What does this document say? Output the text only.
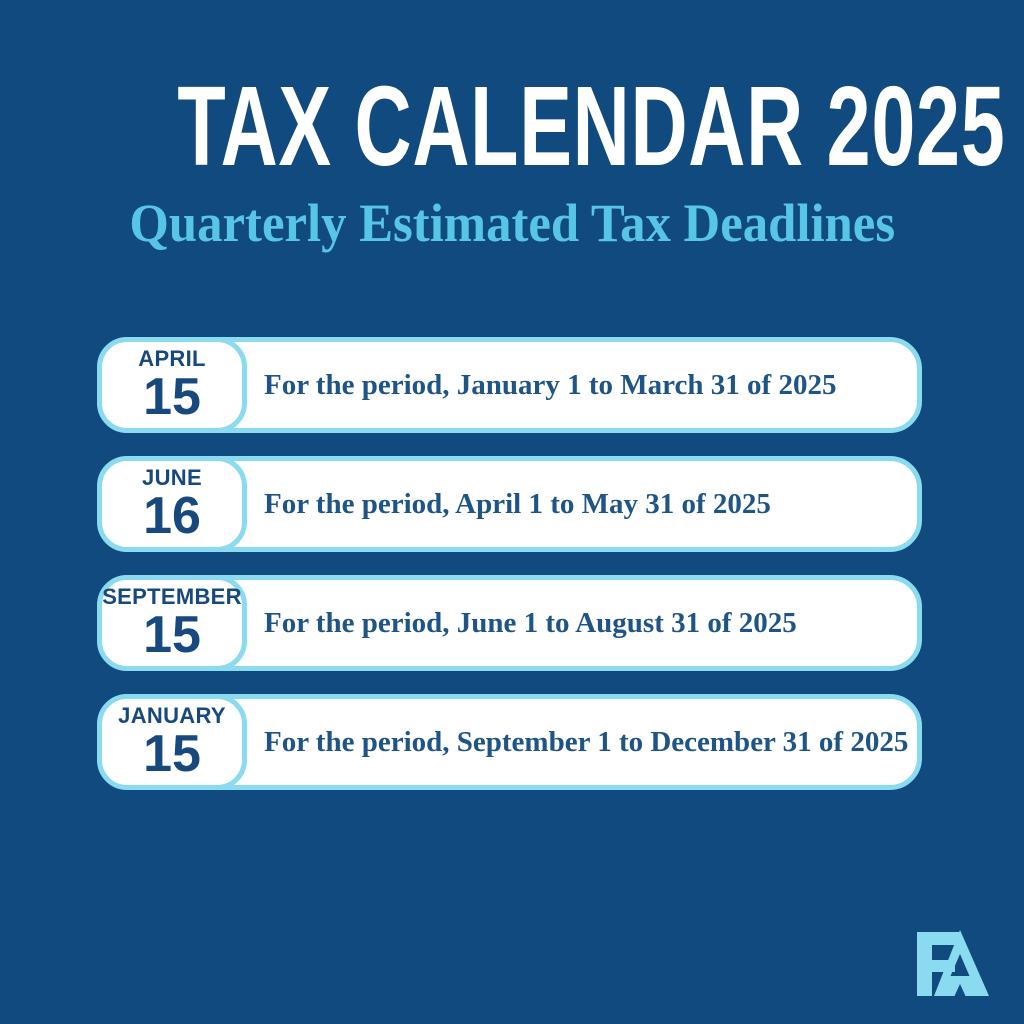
TAX CALENDAR 2025
Quarterly Estimated Tax Deadlines
APRIL
15 For the period, January 1 to March 31 of 2025
JUNE
16 For the period, April 1 to May 31 of 2025
SEPTEMBER
15 For the period, June 1 to August 31 of 2025
JANUARY
15 For the period, September 1 to December 31 of 2025
